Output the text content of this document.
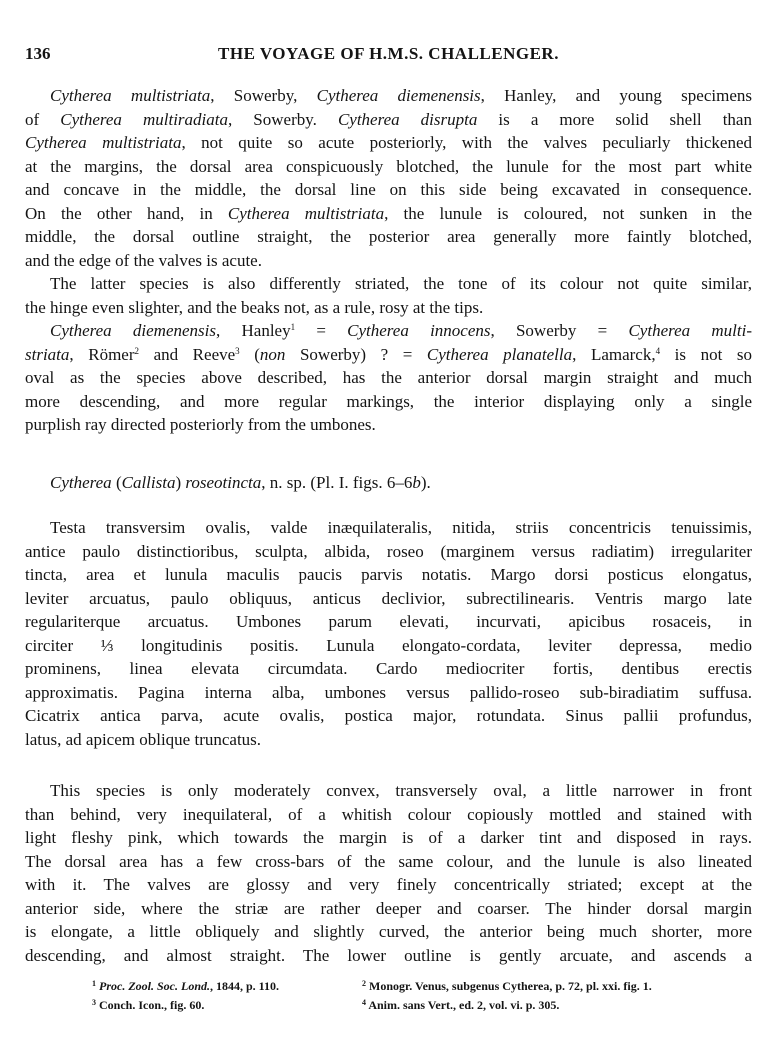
136	THE VOYAGE OF H.M.S. CHALLENGER.
Cytherea multistriata, Sowerby, Cytherea diemenensis, Hanley, and young specimens
of Cytherea multiradiata, Sowerby. Cytherea disrupta is a more solid shell than
Cytherea multistriata, not quite so acute posteriorly, with the valves peculiarly thickened
at the margins, the dorsal area conspicuously blotched, the lunule for the most part white
and concave in the middle, the dorsal line on this side being excavated in consequence.
On the other hand, in Cytherea multistriata, the lunule is coloured, not sunken in the
middle, the dorsal outline straight, the posterior area generally more faintly blotched,
and the edge of the valves is acute.
The latter species is also differently striated, the tone of its colour not quite similar,
the hinge even slighter, and the beaks not, as a rule, rosy at the tips.
Cytherea diemenensis, Hanley$^1$ = Cytherea innocens, Sowerby = Cytherea multi-
striata, Römer$^2$ and Reeve$^3$ (non Sowerby) ? = Cytherea planatella, Lamarck,$^4$ is not so
oval as the species above described, has the anterior dorsal margin straight and much
more descending, and more regular markings, the interior displaying only a single
purplish ray directed posteriorly from the umbones.
Cytherea (Callista) roseotincta, n. sp. (Pl. I. figs. 6–6b).
Testa transversim ovalis, valde inæquilateralis, nitida, striis concentricis tenuissimis,
antice paulo distinctioribus, sculpta, albida, roseo (marginem versus radiatim) irregulariter
tincta, area et lunula maculis paucis parvis notatis. Margo dorsi posticus elongatus,
leviter arcuatus, paulo obliquus, anticus declivior, subrectilinearis. Ventris margo late
regulariterque arcuatus. Umbones parum elevati, incurvati, apicibus rosaceis, in
circiter ⅓ longitudinis positis. Lunula elongato-cordata, leviter depressa, medio
prominens, linea elevata circumdata. Cardo mediocriter fortis, dentibus erectis
approximatis. Pagina interna alba, umbones versus pallido-roseo sub-biradiatim suffusa.
Cicatrix antica parva, acute ovalis, postica major, rotundata. Sinus pallii profundus,
latus, ad apicem oblique truncatus.
This species is only moderately convex, transversely oval, a little narrower in front
than behind, very inequilateral, of a whitish colour copiously mottled and stained with
light fleshy pink, which towards the margin is of a darker tint and disposed in rays.
The dorsal area has a few cross-bars of the same colour, and the lunule is also lineated
with it. The valves are glossy and very finely concentrically striated; except at the
anterior side, where the striæ are rather deeper and coarser. The hinder dorsal margin
is elongate, a little obliquely and slightly curved, the anterior being much shorter, more
descending, and almost straight. The lower outline is gently arcuate, and ascends a
$^1$ Proc. Zool. Soc. Lond., 1844, p. 110.	$^2$ Monogr. Venus, subgenus Cytherea, p. 72, pl. xxi. fig. 1.
$^3$ Conch. Icon., fig. 60.	$^4$ Anim. sans Vert., ed. 2, vol. vi. p. 305.
